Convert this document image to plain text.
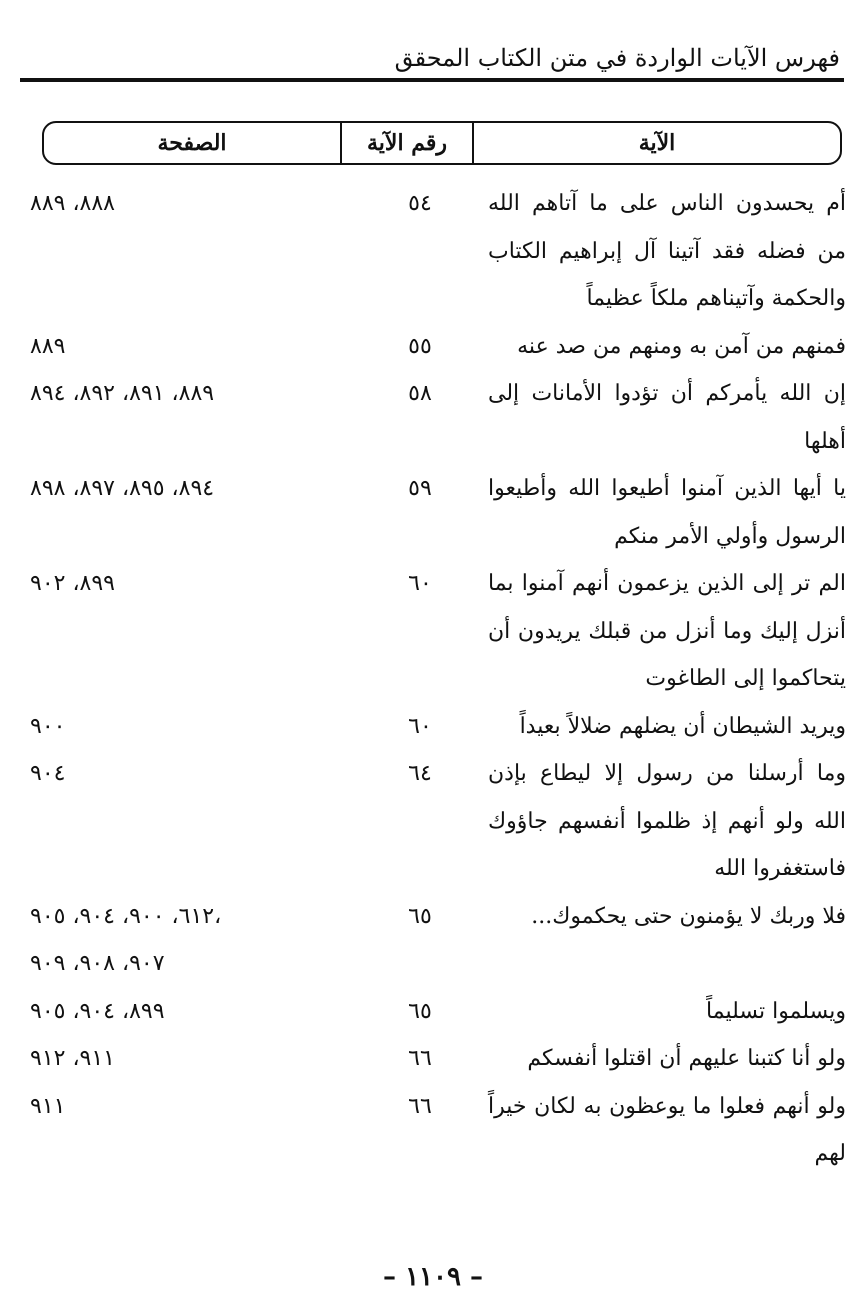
فهرس الآيات الواردة في متن الكتاب المحقق
الآية
رقم الآية
الصفحة
أم يحسدون الناس على ما آتاهم الله من فضله فقد آتينا آل إبراهيم الكتاب والحكمة وآتيناهم ملكاً عظيماً
٥٤
٨٨٨، ٨٨٩
فمنهم من آمن به ومنهم من صد عنه
٥٥
٨٨٩
إن الله يأمركم أن تؤدوا الأمانات إلى أهلها
٥٨
٨٨٩، ٨٩١، ٨٩٢، ٨٩٤
يا أيها الذين آمنوا أطيعوا الله وأطيعوا الرسول وأولي الأمر منكم
٥٩
٨٩٤، ٨٩٥، ٨٩٧، ٨٩٨
الم تر إلى الذين يزعمون أنهم آمنوا بما أنزل إليك وما أنزل من قبلك يريدون أن يتحاكموا إلى الطاغوت
٦٠
٨٩٩، ٩٠٢
ويريد الشيطان أن يضلهم ضلالاً بعيداً
٦٠
٩٠٠
وما أرسلنا من رسول إلا ليطاع بإذن الله ولو أنهم إذ ظلموا أنفسهم جاؤوك فاستغفروا الله
٦٤
٩٠٤
فلا وربك لا يؤمنون حتى يحكموك...
٦٥
٦١٢، ٩٠٠، ٩٠٤، ٩٠٥،
٩٠٧، ٩٠٨، ٩٠٩
ويسلموا تسليماً
٦٥
٨٩٩، ٩٠٤، ٩٠٥
ولو أنا كتبنا عليهم أن اقتلوا أنفسكم
٦٦
٩١١، ٩١٢
ولو أنهم فعلوا ما يوعظون به لكان خيراً لهم
٦٦
٩١١
– ١١٠٩ –
